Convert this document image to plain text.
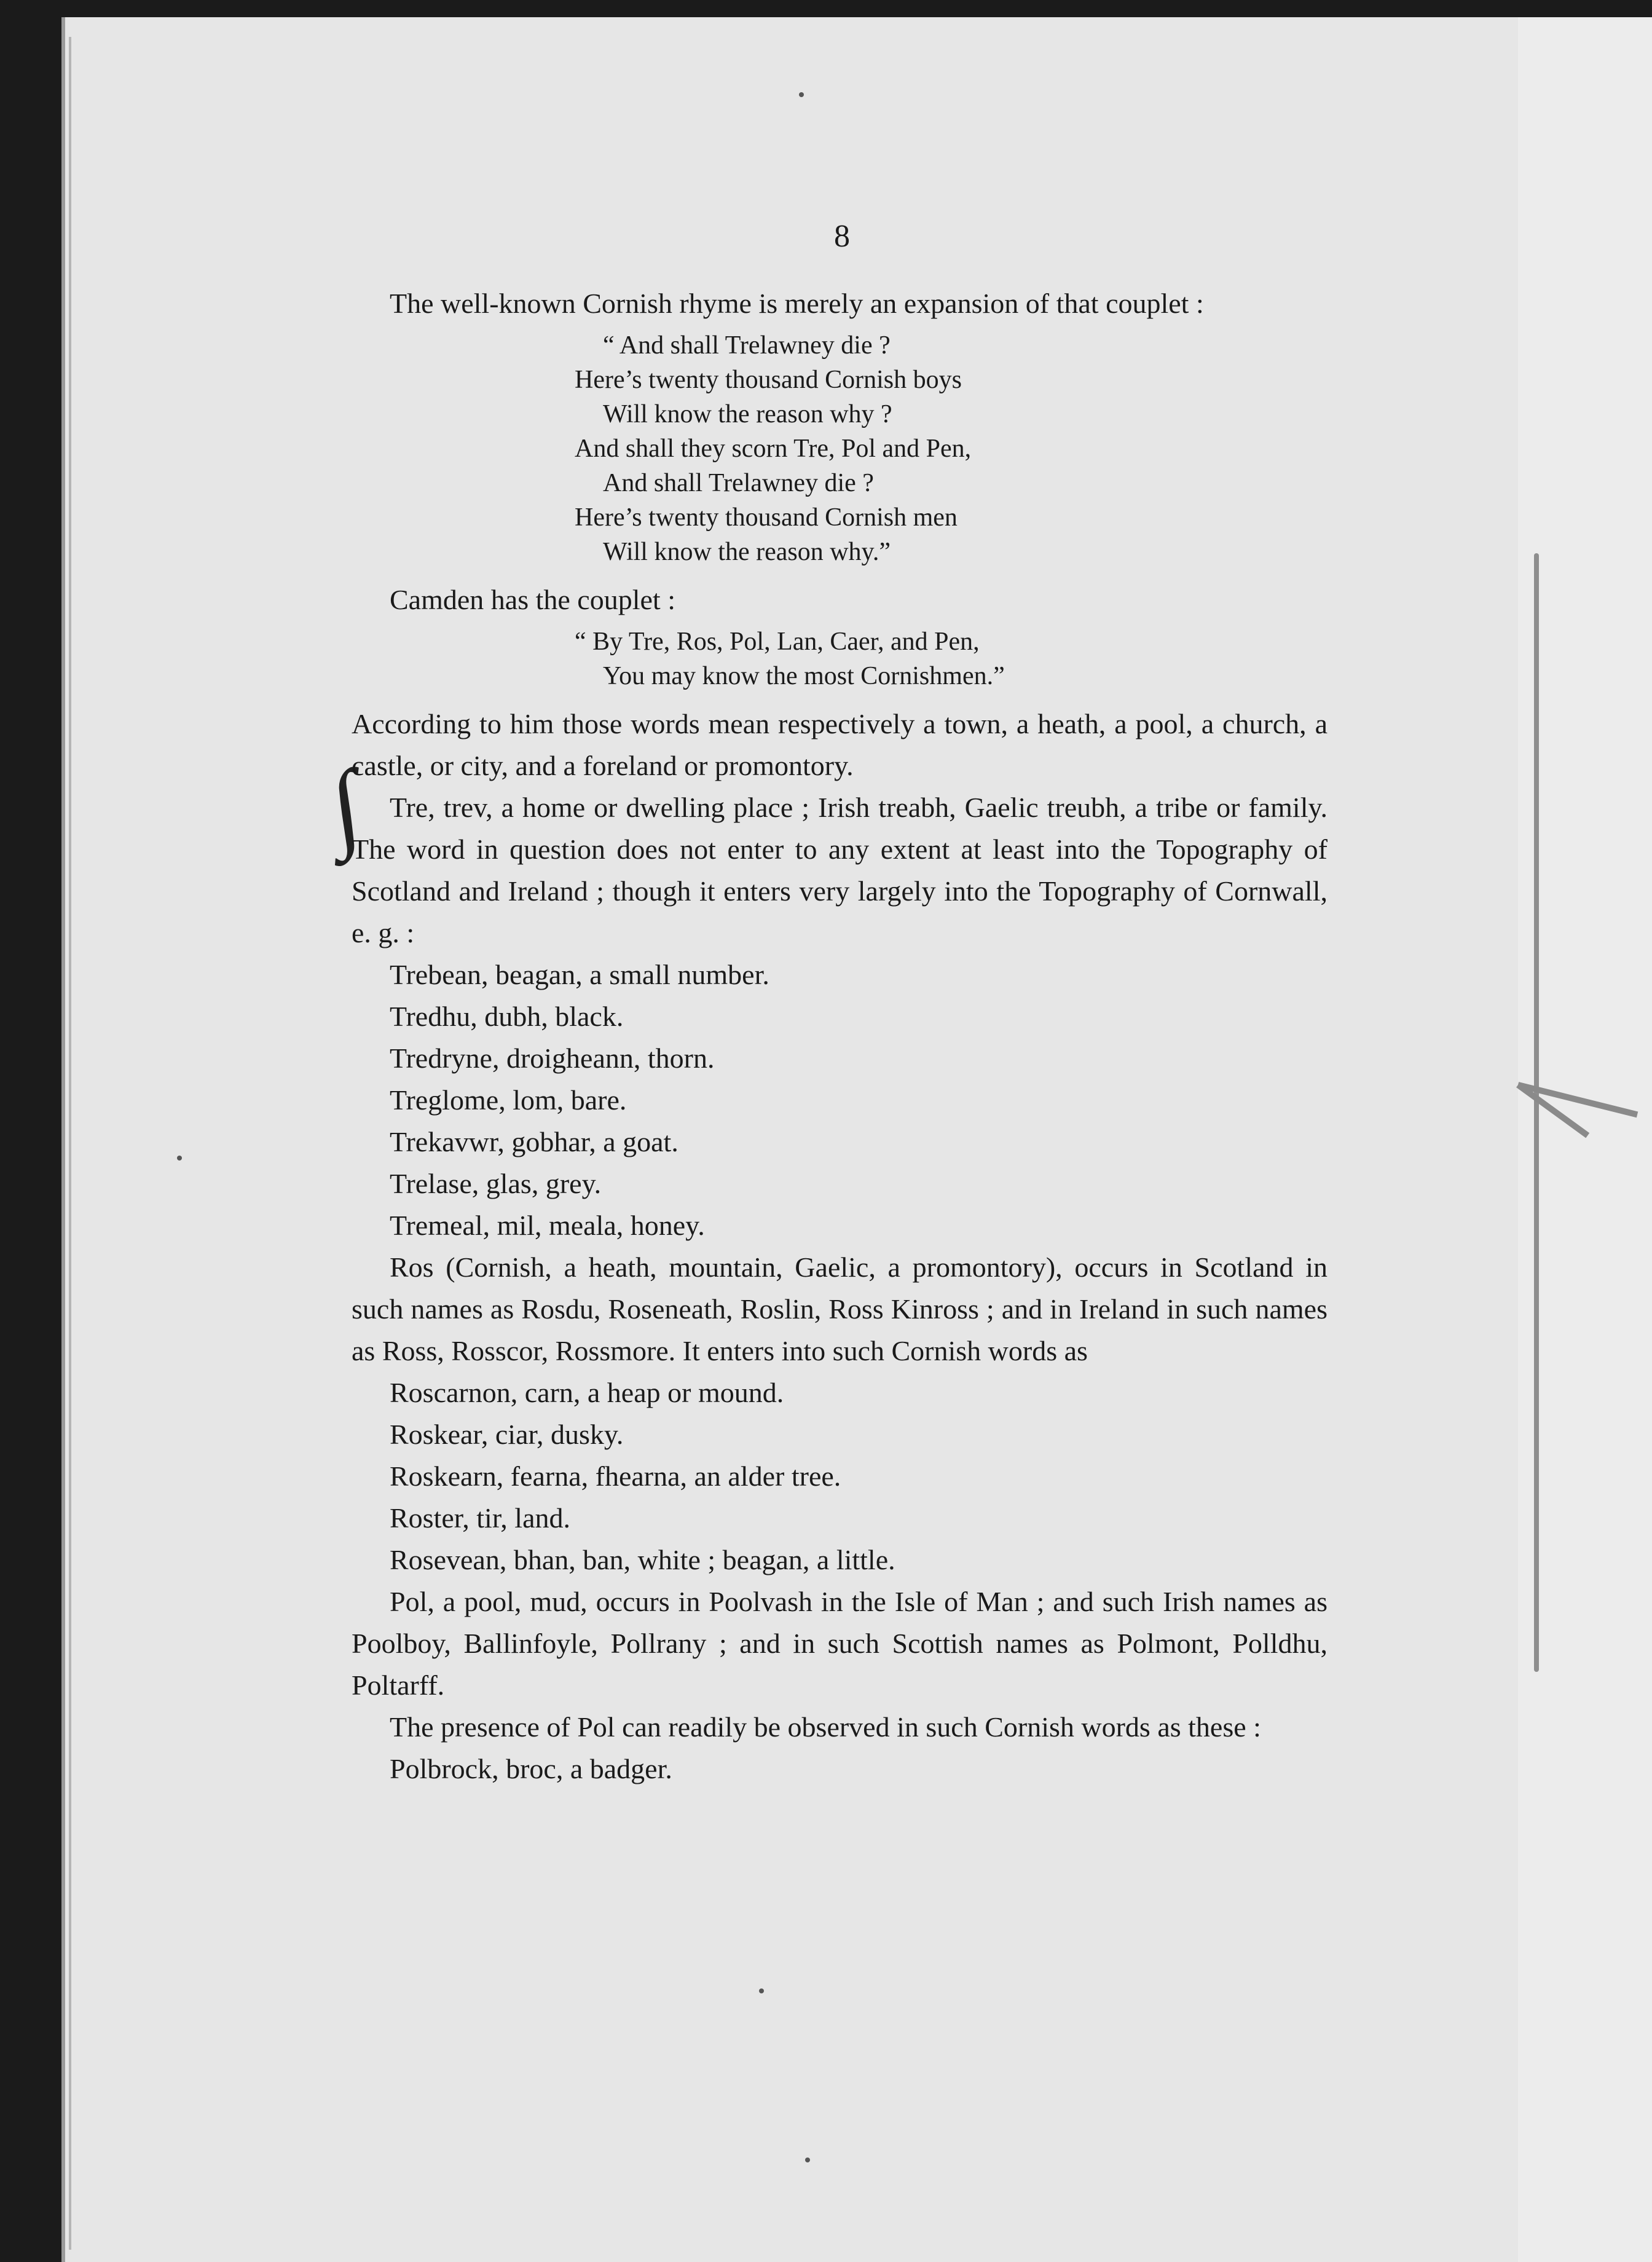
8
∫

The well-known Cornish rhyme is merely an expansion of that couplet :

“ And shall Trelawney die ?
Here’s twenty thousand Cornish boys
Will know the reason why ?
And shall they scorn Tre, Pol and Pen,
And shall Trelawney die ?
Here’s twenty thousand Cornish men
Will know the reason why.”

Camden has the couplet :

“ By Tre, Ros, Pol, Lan, Caer, and Pen,
You may know the most Cornishmen.”

According to him those words mean respectively a town, a heath, a pool, a church, a castle, or city, and a foreland or promontory.

Tre, trev, a home or dwelling place ; Irish treabh, Gaelic treubh, a tribe or family. The word in question does not enter to any extent at least into the Topography of Scotland and Ireland ; though it enters very largely into the Topography of Cornwall, e. g. :

Trebean, beagan, a small number.

Tredhu, dubh, black.

Tredryne, droigheann, thorn.

Treglome, lom, bare.

Trekavwr, gobhar, a goat.

Trelase, glas, grey.

Tremeal, mil, meala, honey.

Ros (Cornish, a heath, mountain, Gaelic, a promontory), occurs in Scotland in such names as Rosdu, Roseneath, Roslin, Ross Kinross ; and in Ireland in such names as Ross, Rosscor, Rossmore. It enters into such Cornish words as

Roscarnon, carn, a heap or mound.

Roskear, ciar, dusky.

Roskearn, fearna, fhearna, an alder tree.

Roster, tir, land.

Rosevean, bhan, ban, white ; beagan, a little.

Pol, a pool, mud, occurs in Poolvash in the Isle of Man ; and such Irish names as Poolboy, Ballinfoyle, Pollrany ; and in such Scottish names as Polmont, Polldhu, Poltarff.

The presence of Pol can readily be observed in such Cornish words as these :

Polbrock, broc, a badger.
